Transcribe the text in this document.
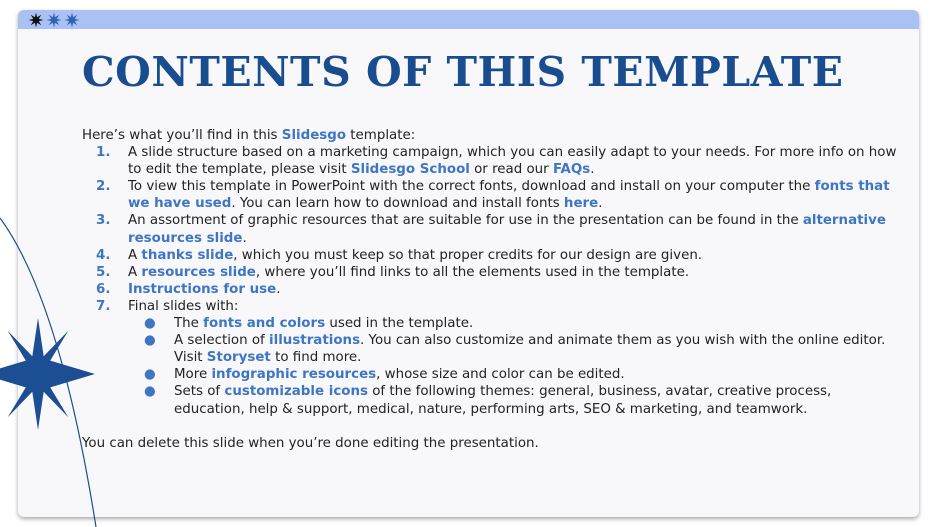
CONTENTS OF THIS TEMPLATE

Here’s what you’ll find in this Slidesgo template:

1. A slide structure based on a marketing campaign, which you can easily adapt to your needs. For more info on how to edit the template, please visit Slidesgo School or read our FAQs.
2. To view this template in PowerPoint with the correct fonts, download and install on your computer the fonts that we have used. You can learn how to download and install fonts here.
3. An assortment of graphic resources that are suitable for use in the presentation can be found in the alternative resources slide.
4. A thanks slide, which you must keep so that proper credits for our design are given.
5. A resources slide, where you’ll find links to all the elements used in the template.
6. Instructions for use.
7. Final slides with:
● The fonts and colors used in the template.
● A selection of illustrations. You can also customize and animate them as you wish with the online editor. Visit Storyset to find more.
● More infographic resources, whose size and color can be edited.
● Sets of customizable icons of the following themes: general, business, avatar, creative process, education, help & support, medical, nature, performing arts, SEO & marketing, and teamwork.

You can delete this slide when you’re done editing the presentation.
